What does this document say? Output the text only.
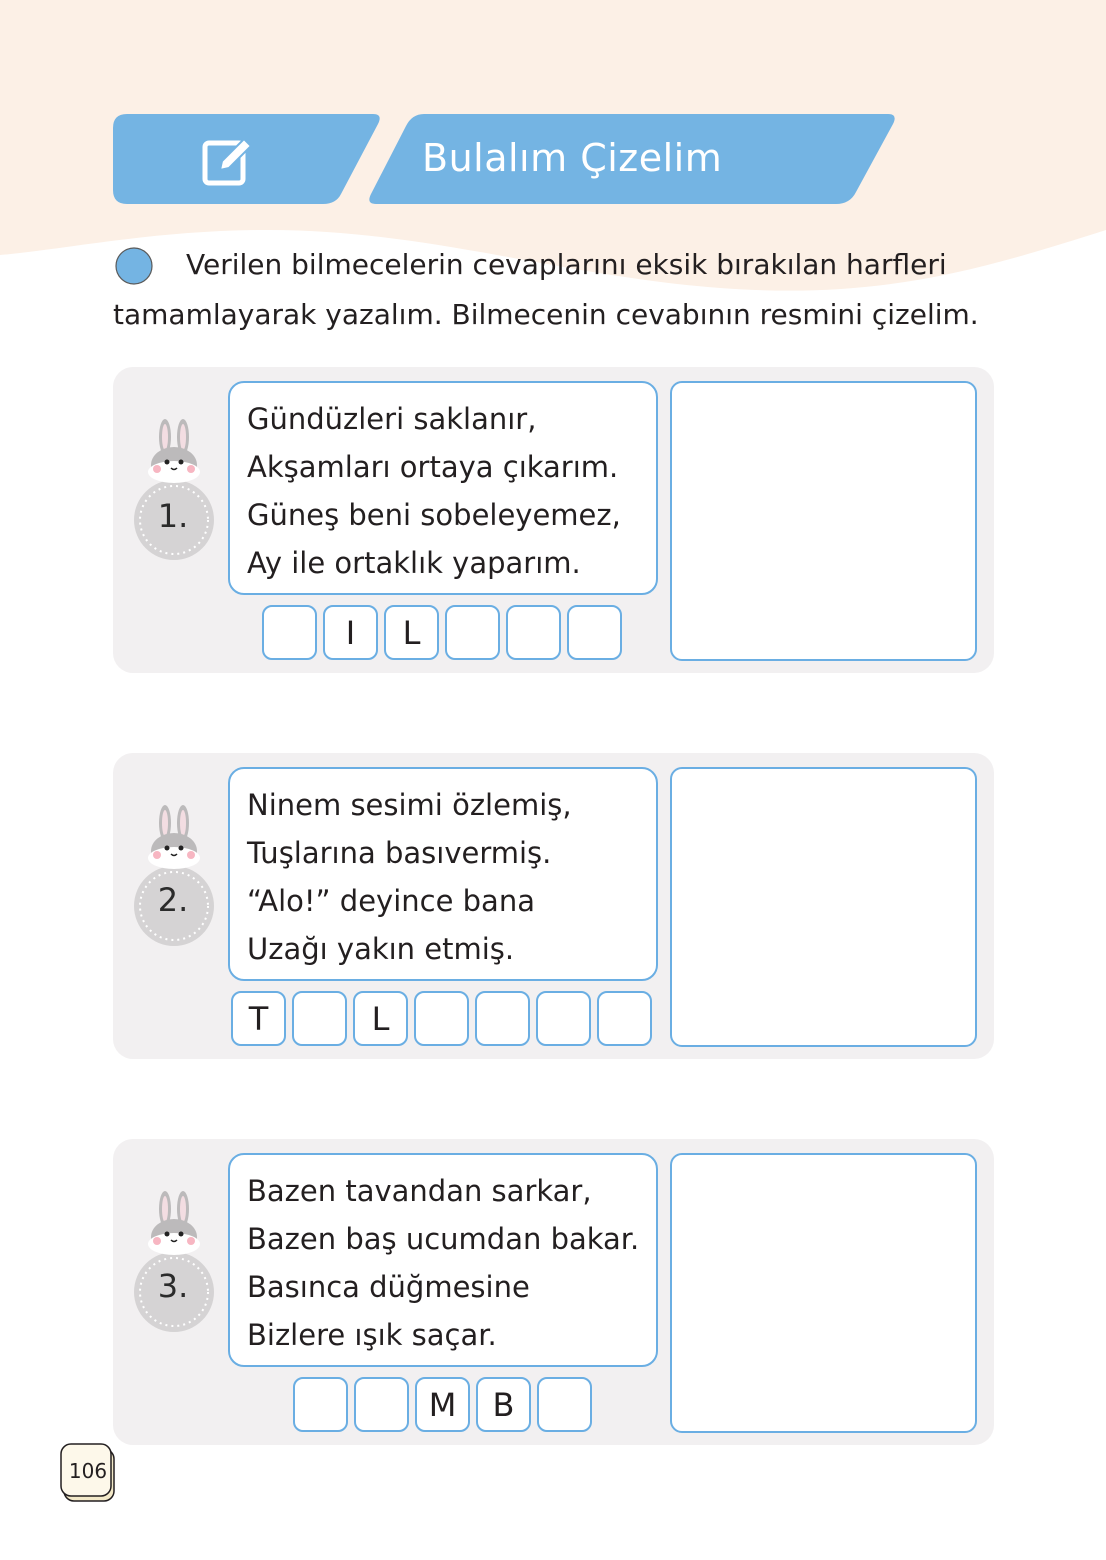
Bulalım Çizelim
Verilen bilmecelerin cevaplarını eksik bırakılan harfleri
tamamlayarak yazalım. Bilmecenin cevabının resmini çizelim.
1.
Gündüzleri saklanır,
Akşamları ortaya çıkarım.
Güneş beni sobeleyemez,
Ay ile ortaklık yaparım.
I	L
2.
Ninem sesimi özlemiş,
Tuşlarına basıvermiş.
“Alo!” deyince bana
Uzağı yakın etmiş.
T	L
3.
Bazen tavandan sarkar,
Bazen baş ucumdan bakar.
Basınca düğmesine
Bizlere ışık saçar.
M	B
106
